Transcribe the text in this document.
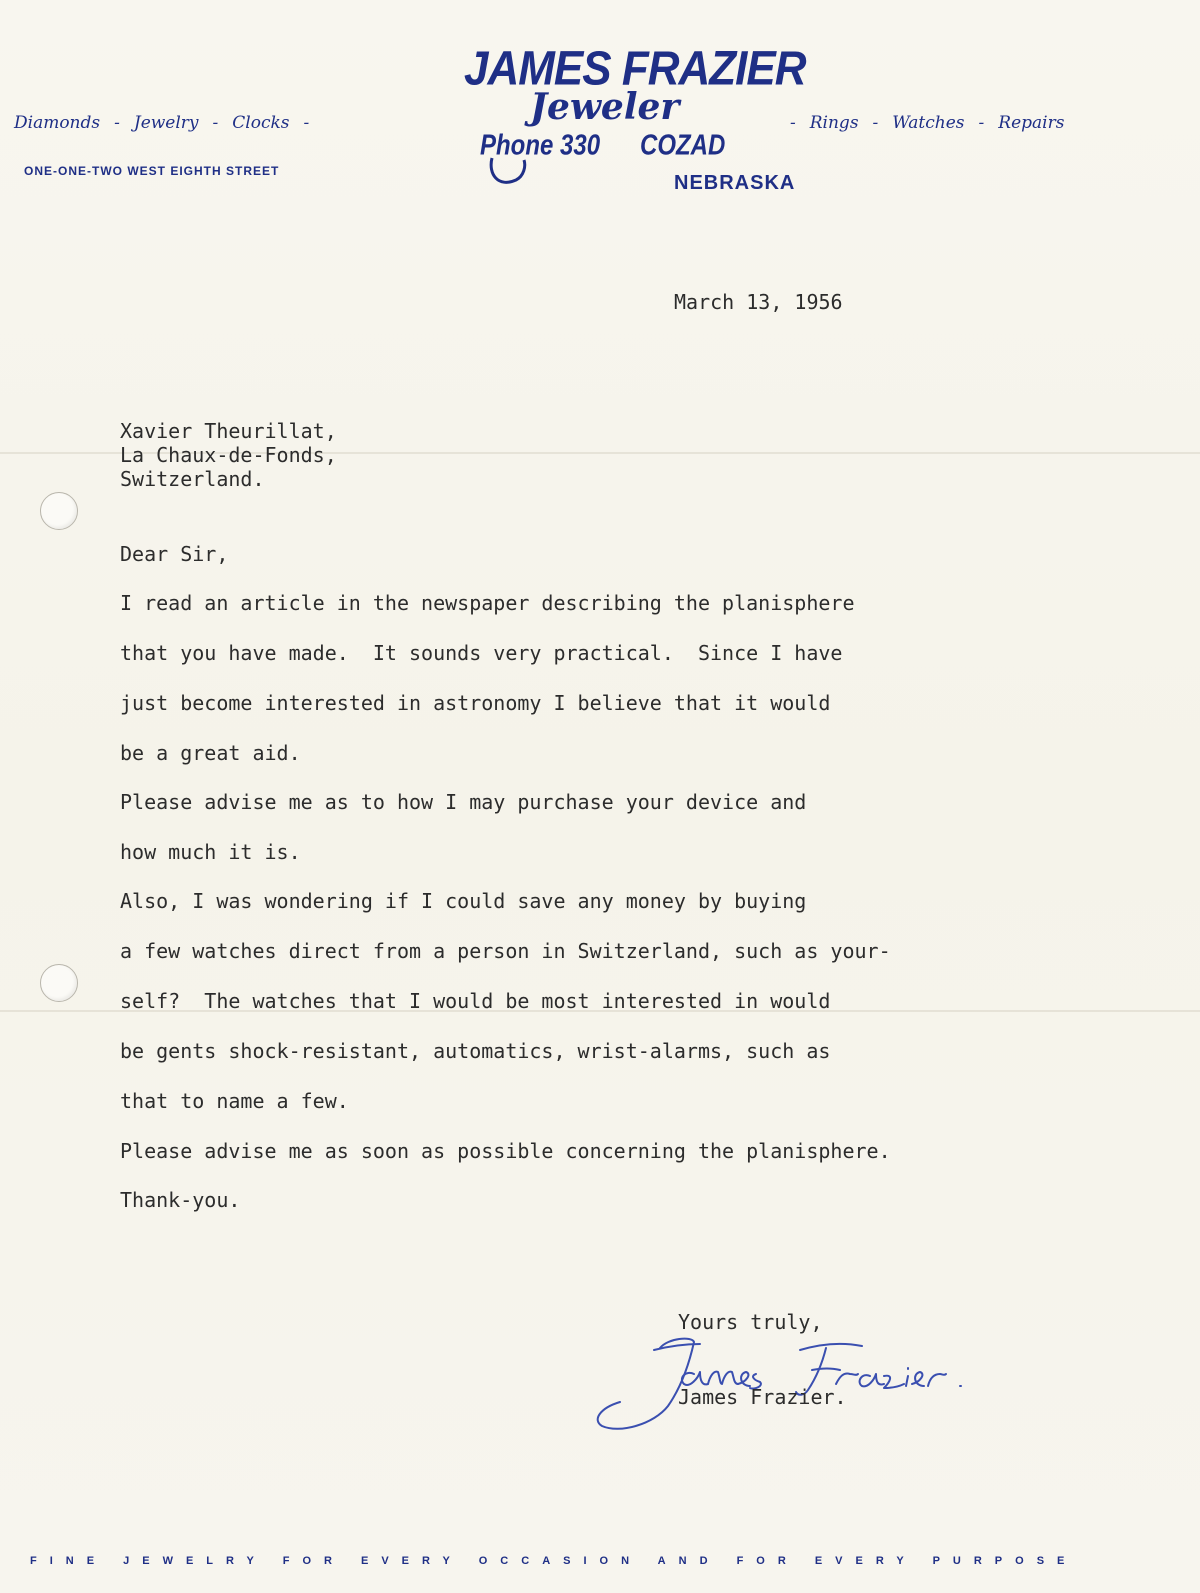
JAMES FRAZIER
Jeweler
Phone 330 COZAD
NEBRASKA
ONE-ONE-TWO WEST EIGHTH STREET
Diamonds - Jewelry - Clocks -	- Rings - Watches - Repairs
March 13, 1956
Xavier Theurillat,
La Chaux-de-Fonds,
Switzerland.
Dear Sir,
I read an article in the newspaper describing the planisphere
that you have made.  It sounds very practical.  Since I have
just become interested in astronomy I believe that it would
be a great aid.
Please advise me as to how I may purchase your device and
how much it is.
Also, I was wondering if I could save any money by buying
a few watches direct from a person in Switzerland, such as your-
self?  The watches that I would be most interested in would
be gents shock-resistant, automatics, wrist-alarms, such as
that to name a few.
Please advise me as soon as possible concerning the planisphere.
Thank-you.
Yours truly,
James Frazier.
FINE JEWELRY FOR EVERY OCCASION AND FOR EVERY PURPOSE
